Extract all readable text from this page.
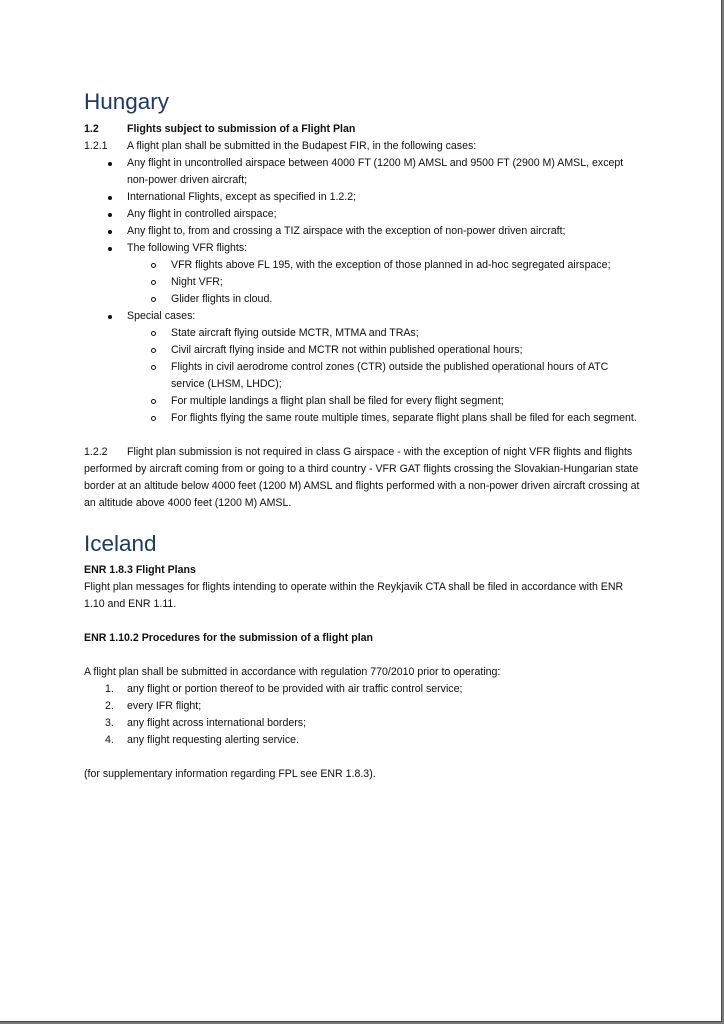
Hungary
1.2	Flights subject to submission of a Flight Plan
1.2.1	A flight plan shall be submitted in the Budapest FIR, in the following cases:
Any flight in uncontrolled airspace between 4000 FT (1200 M) AMSL and 9500 FT (2900 M) AMSL, except non-power driven aircraft;
International Flights, except as specified in 1.2.2;
Any flight in controlled airspace;
Any flight to, from and crossing a TIZ airspace with the exception of non-power driven aircraft;
The following VFR flights:
VFR flights above FL 195, with the exception of those planned in ad-hoc segregated airspace;
Night VFR;
Glider flights in cloud.
Special cases:
State aircraft flying outside MCTR, MTMA and TRAs;
Civil aircraft flying inside and MCTR not within published operational hours;
Flights in civil aerodrome control zones (CTR) outside the published operational hours of ATC service (LHSM, LHDC);
For multiple landings a flight plan shall be filed for every flight segment;
For flights flying the same route multiple times, separate flight plans shall be filed for each segment.

1.2.2 Flight plan submission is not required in class G airspace - with the exception of night VFR flights and flights performed by aircraft coming from or going to a third country - VFR GAT flights crossing the Slovakian-Hungarian state border at an altitude below 4000 feet (1200 M) AMSL and flights performed with a non-power driven aircraft crossing at an altitude above 4000 feet (1200 M) AMSL.

Iceland
ENR 1.8.3 Flight Plans

Flight plan messages for flights intending to operate within the Reykjavik CTA shall be filed in accordance with ENR 1.10 and ENR 1.11.

ENR 1.10.2 Procedures for the submission of a flight plan

A flight plan shall be submitted in accordance with regulation 770/2010 prior to operating:

1. any flight or portion thereof to be provided with air traffic control service;
2. every IFR flight;
3. any flight across international borders;
4. any flight requesting alerting service.

(for supplementary information regarding FPL see ENR 1.8.3).
